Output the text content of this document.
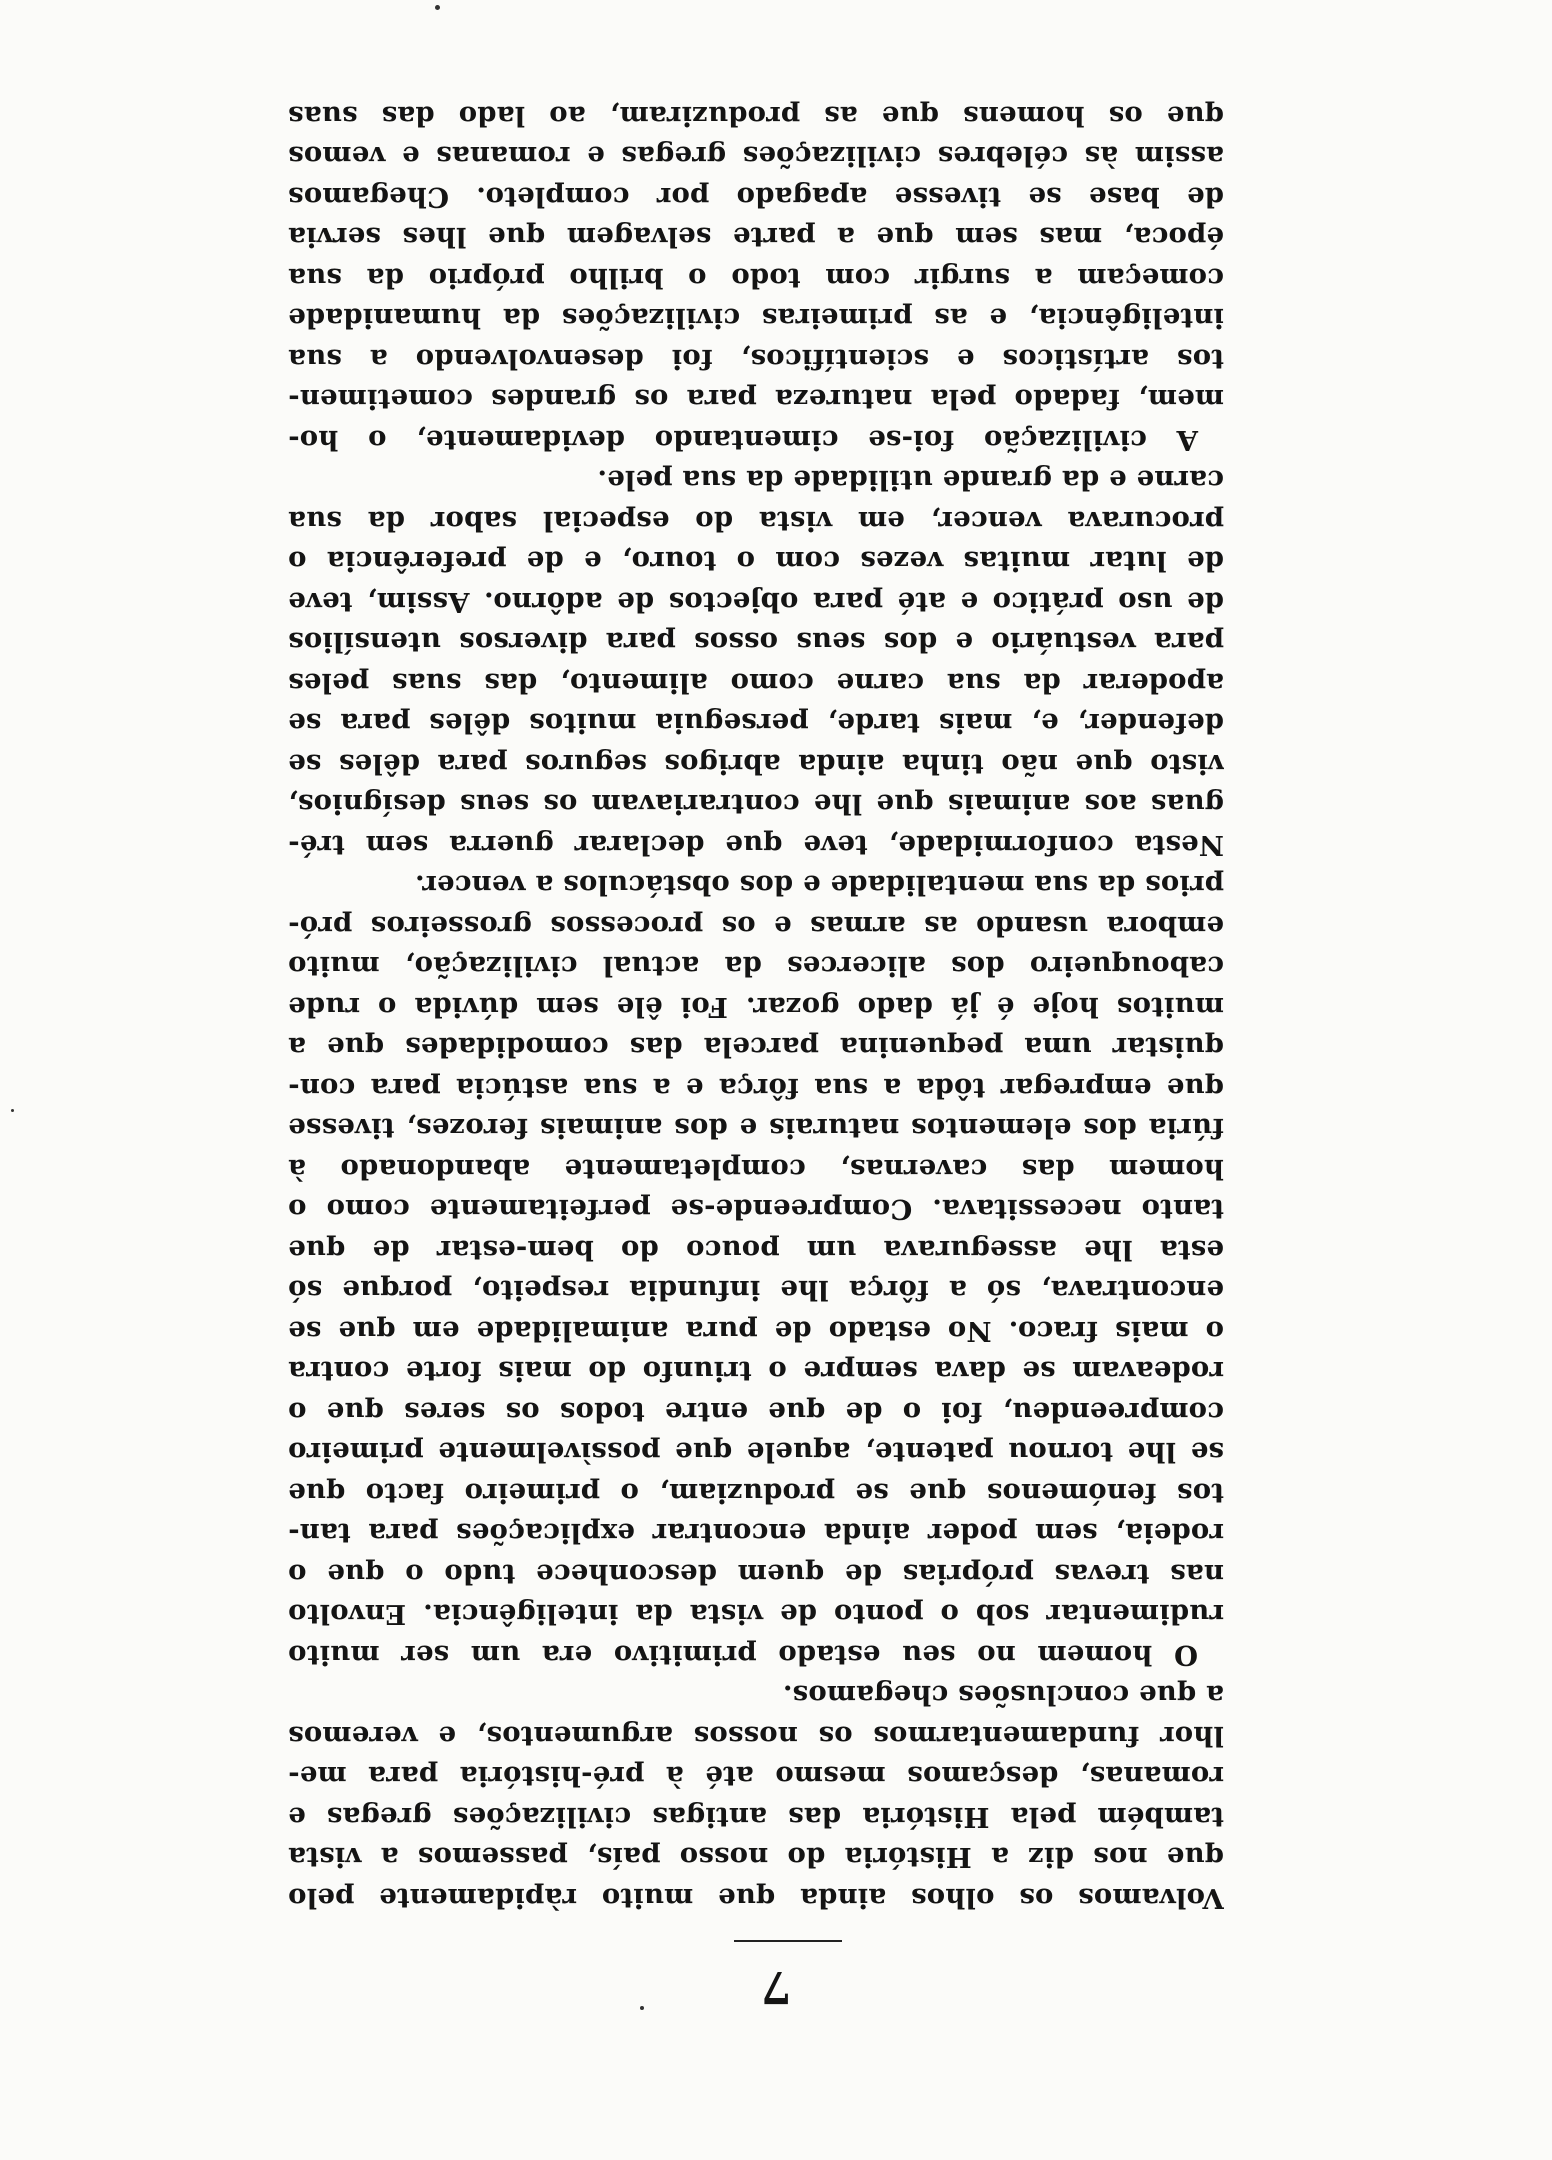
7
Volvamos os olhos ainda que muito ràpidamente pelo
que nos diz a História do nosso país, passemos a vista
também pela História das antigas civilizações gregas e
romanas, desçamos mesmo até à pré-história para me-
lhor fundamentarmos os nossos argumentos, e veremos
a que conclusões chegamos.
O homem no seu estado primitivo era um ser muito
rudimentar sob o ponto de vista da inteligência. Envolto
nas trevas próprias de quem desconhece tudo o que o
rodeia, sem poder ainda encontrar explicações para tan-
tos fenómenos que se produziam, o primeiro facto que
se lhe tornou patente, aquele que possìvelmente primeiro
compreendeu, foi o de que entre todos os seres que o
rodeavam se dava sempre o triunfo do mais forte contra
o mais fraco. No estado de pura animalidade em que se
encontrava, só a fôrça lhe infundia respeito, porque só
esta lhe assegurava um pouco do bem-estar de que
tanto necessitava. Compreende-se perfeitamente como o
homem das cavernas, completamente abandonado à
fúria dos elementos naturais e dos animais ferozes, tivesse
que empregar tôda a sua fôrça e a sua astúcia para con-
quistar uma pequenina parcela das comodidades que a
muitos hoje é já dado gozar. Foi êle sem dúvida o rude
cabouqueiro dos alicerces da actual civilização, muito
embora usando as armas e os processos grosseiros pró-
prios da sua mentalidade e dos obstáculos a vencer.
Nesta conformidade, teve que declarar guerra sem tré-
guas aos animais que lhe contrariavam os seus desígnios,
visto que não tinha ainda abrigos seguros para dêles se
defender, e, mais tarde, perseguia muitos dêles para se
apoderar da sua carne como alimento, das suas peles
para vestuário e dos seus ossos para diversos utensílios
de uso prático e até para objectos de adôrno. Assim, teve
de lutar muitas vezes com o touro, e de preferência o
procurava vencer, em vista do especial sabor da sua
carne e da grande utilidade da sua pele.
A civilização foi-se cimentando devidamente, o ho-
mem, fadado pela natureza para os grandes cometimen-
tos artísticos e scientíficos, foi desenvolvendo a sua
inteligência, e as primeiras civilizações da humanidade
começam a surgir com todo o brilho próprio da sua
época, mas sem que a parte selvagem que lhes servia
de base se tivesse apagado por completo. Chegamos
assim às célebres civilizações gregas e romanas e vemos
que os homens que as produziram, ao lado das suas
